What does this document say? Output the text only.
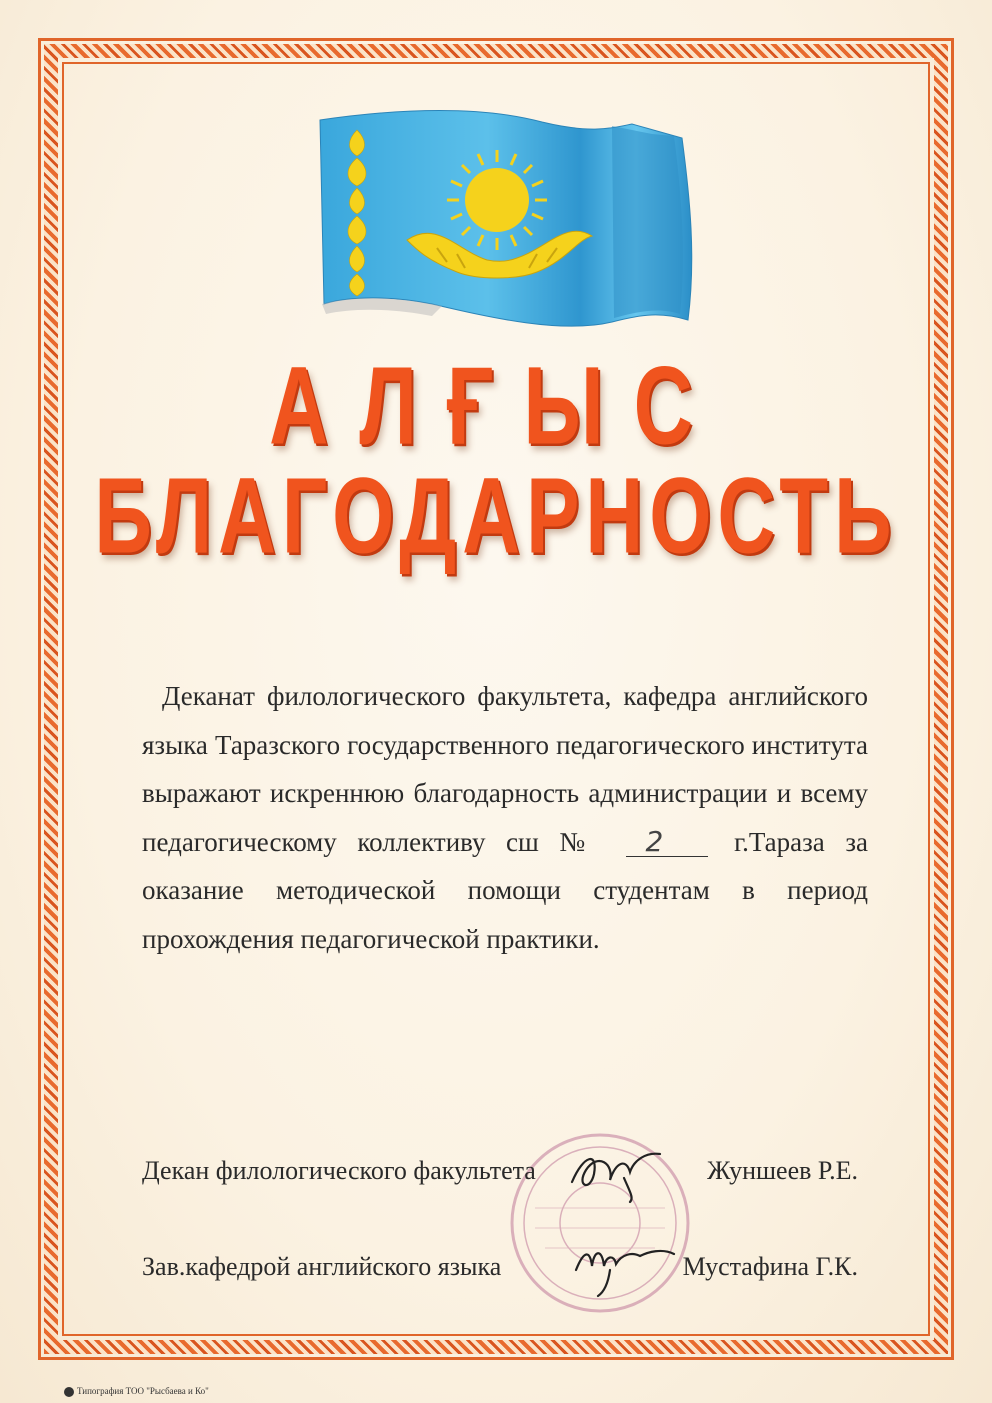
АЛҒЫС
БЛАГОДАРНОСТЬ
Деканат филологического факультета, кафедра английского языка Таразского государственного педагогического института выражают искреннюю благодарность администрации и всему педагогическому коллективу сш № 2	г.Тараза за оказание методической помощи студентам в период прохождения педагогической практики.
Декан филологического факультета	Жуншеев Р.Е.
Зав.кафедрой английского языка	Мустафина Г.К.
Типография ТОО "Рысбаева и Ко"
